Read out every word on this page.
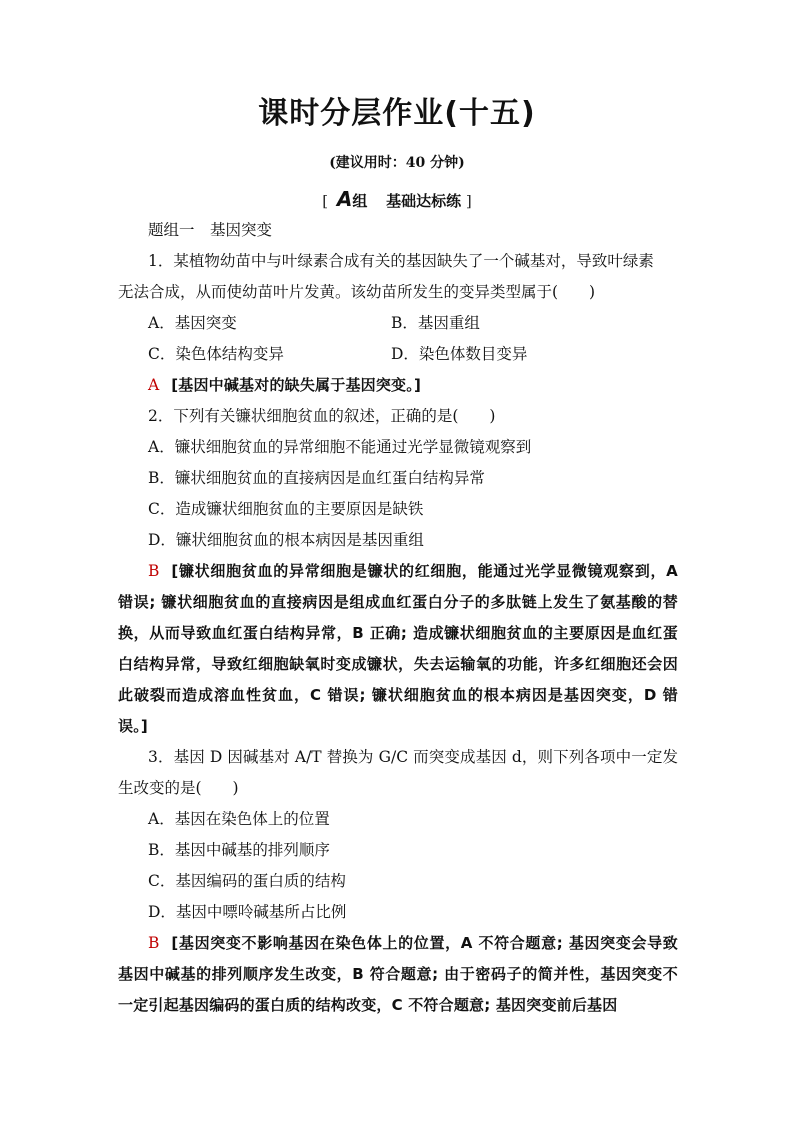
课时分层作业(十五)
(建议用时：40 分钟)
[ A组 基础达标练 ]

题组一　基因突变

1．某植物幼苗中与叶绿素合成有关的基因缺失了一个碱基对，导致叶绿素

无法合成，从而使幼苗叶片发黄。该幼苗所发生的变异类型属于(　　)

A．基因突变	B．基因重组
C．染色体结构变异	D．染色体数目变异

A [基因中碱基对的缺失属于基因突变。]

2．下列有关镰状细胞贫血的叙述，正确的是(　　)

A．镰状细胞贫血的异常细胞不能通过光学显微镜观察到

B．镰状细胞贫血的直接病因是血红蛋白结构异常

C．造成镰状细胞贫血的主要原因是缺铁

D．镰状细胞贫血的根本病因是基因重组

B [镰状细胞贫血的异常细胞是镰状的红细胞，能通过光学显微镜观察到，A 错误; 镰状细胞贫血的直接病因是组成血红蛋白分子的多肽链上发生了氨基酸的替换，从而导致血红蛋白结构异常，B 正确; 造成镰状细胞贫血的主要原因是血红蛋白结构异常，导致红细胞缺氧时变成镰状，失去运输氧的功能，许多红细胞还会因此破裂而造成溶血性贫血，C 错误; 镰状细胞贫血的根本病因是基因突变，D 错误。]

3．基因 D 因碱基对 A/T 替换为 G/C 而突变成基因 d，则下列各项中一定发生改变的是(　　)

A．基因在染色体上的位置

B．基因中碱基的排列顺序

C．基因编码的蛋白质的结构

D．基因中嘌呤碱基所占比例

B [基因突变不影响基因在染色体上的位置，A 不符合题意; 基因突变会导致基因中碱基的排列顺序发生改变，B 符合题意; 由于密码子的简并性，基因突变不一定引起基因编码的蛋白质的结构改变，C 不符合题意; 基因突变前后基因
